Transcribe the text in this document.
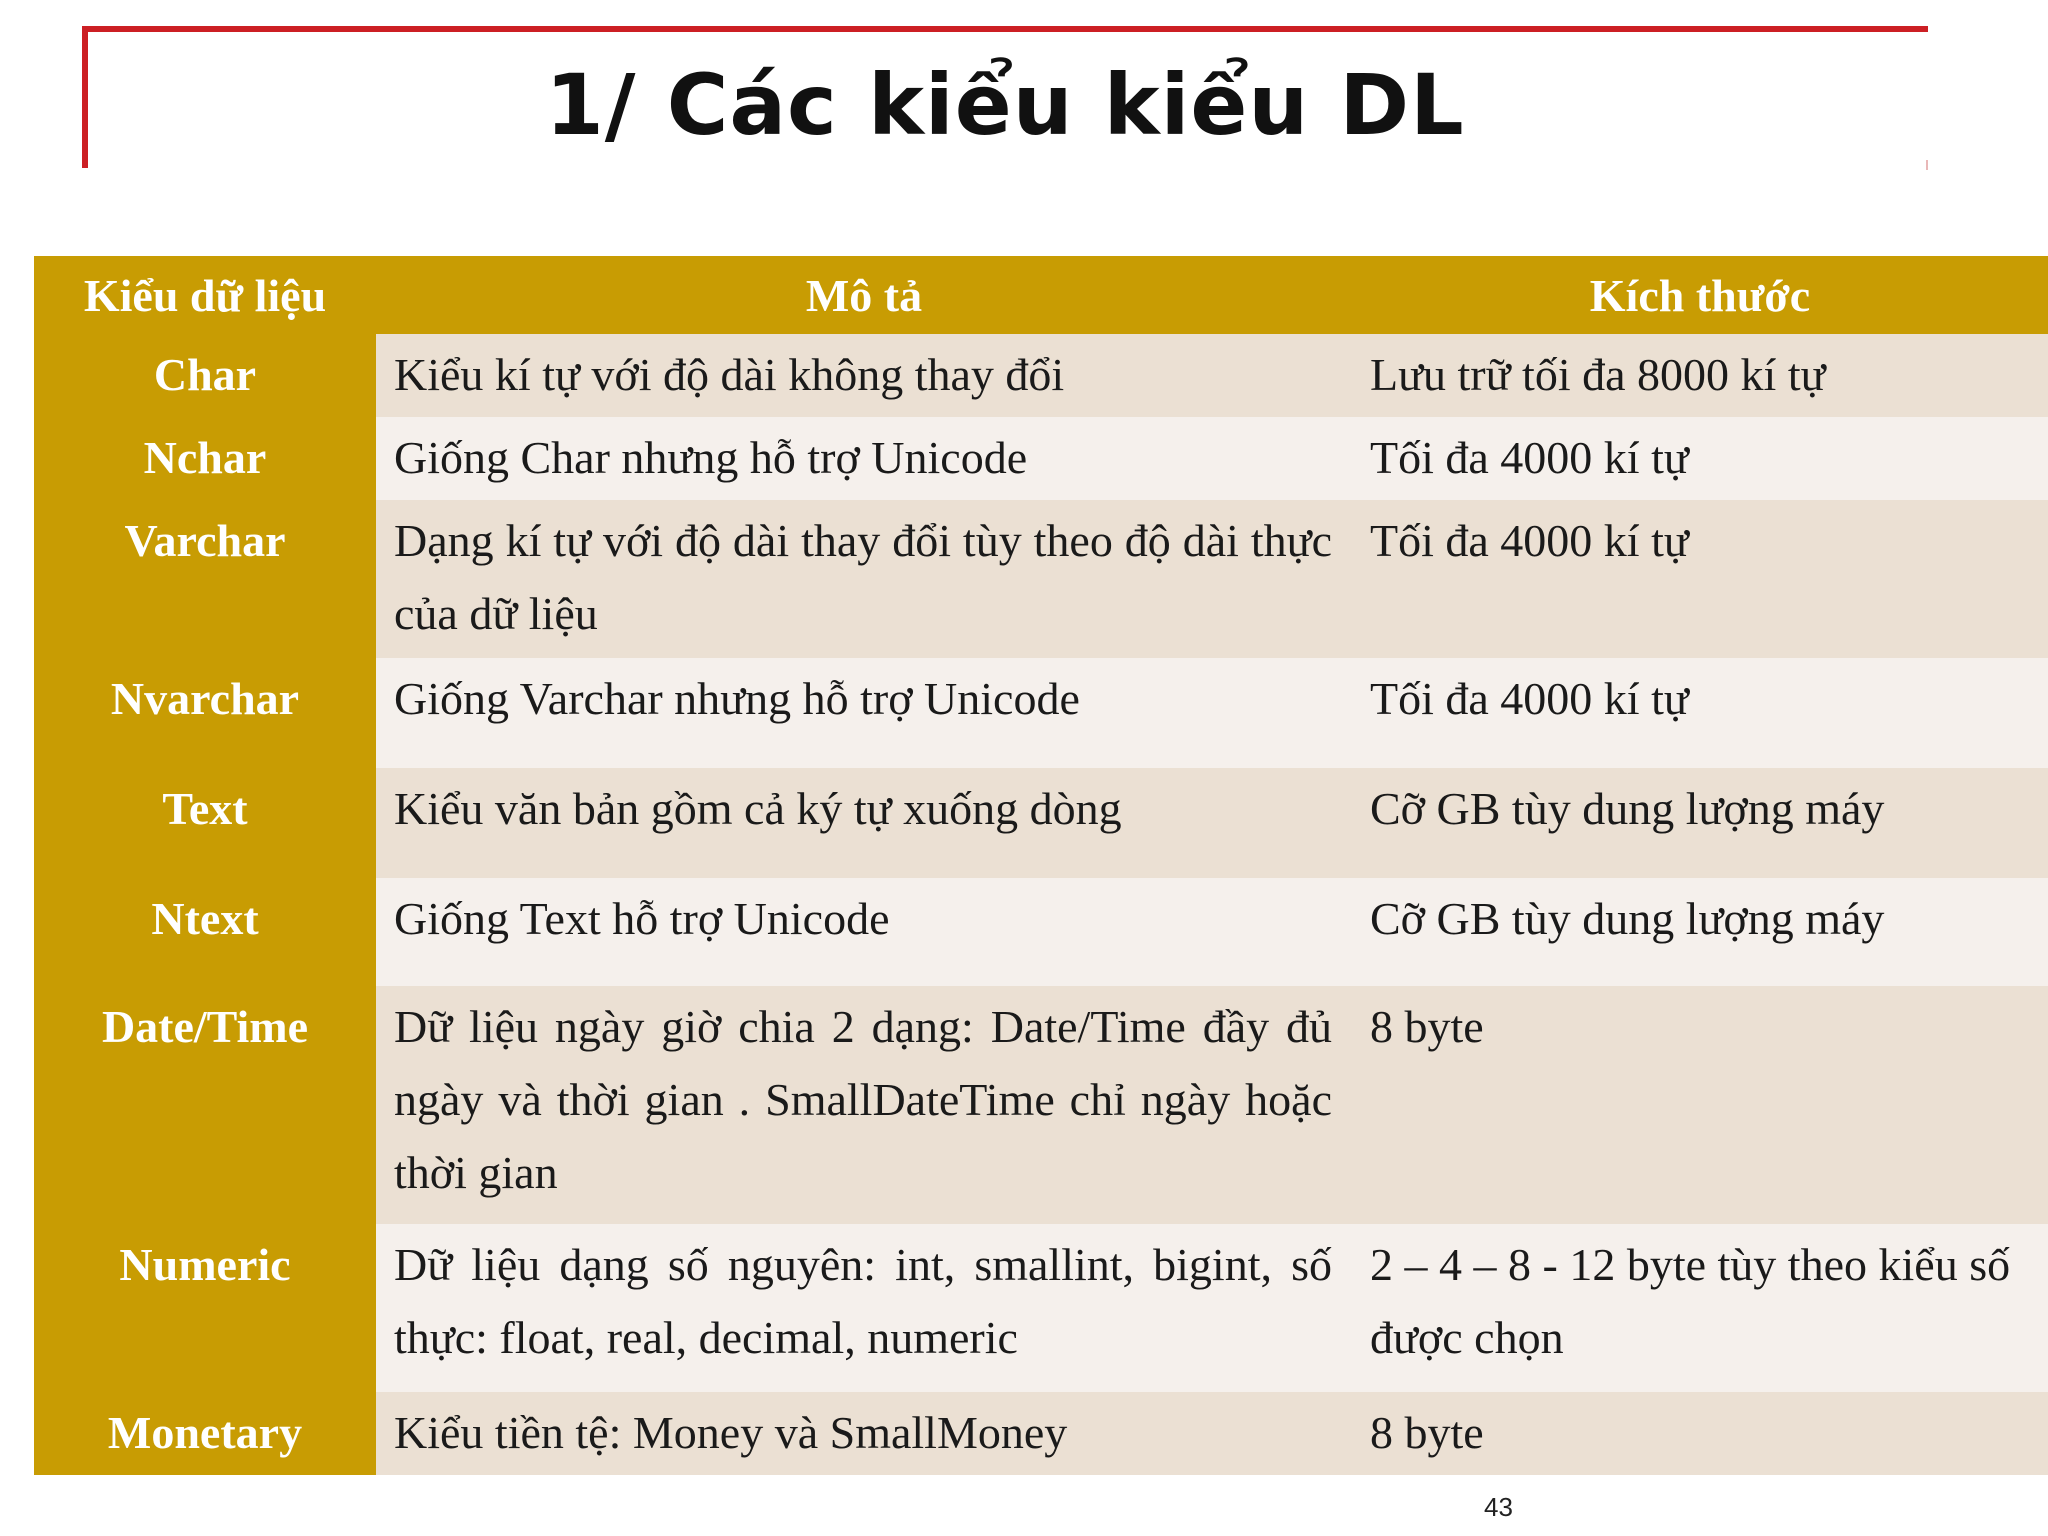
1/ Các kiểu kiểu DL
Kiểu dữ liệu	Mô tả	Kích thước
Char	Kiểu kí tự với độ dài không thay đổi	Lưu trữ tối đa 8000 kí tự
Nchar	Giống Char nhưng hỗ trợ Unicode	Tối đa 4000 kí tự
Varchar	Dạng kí tự với độ dài thay đổi tùy theo độ dài thực của dữ liệu	Tối đa 4000 kí tự
Nvarchar	Giống Varchar nhưng hỗ trợ Unicode	Tối đa 4000 kí tự
Text	Kiểu văn bản gồm cả ký tự xuống dòng	Cỡ GB tùy dung lượng máy
Ntext	Giống Text hỗ trợ Unicode	Cỡ GB tùy dung lượng máy
Date/Time	Dữ liệu ngày giờ chia 2 dạng: Date/Time đầy đủ ngày và thời gian . SmallDateTime chỉ ngày hoặc thời gian	8 byte
Numeric	Dữ liệu dạng số nguyên: int, smallint, bigint, số thực: float, real, decimal, numeric	2 – 4 – 8 - 12 byte tùy theo kiểu số được chọn
Monetary	Kiểu tiền tệ: Money và SmallMoney	8 byte
43
